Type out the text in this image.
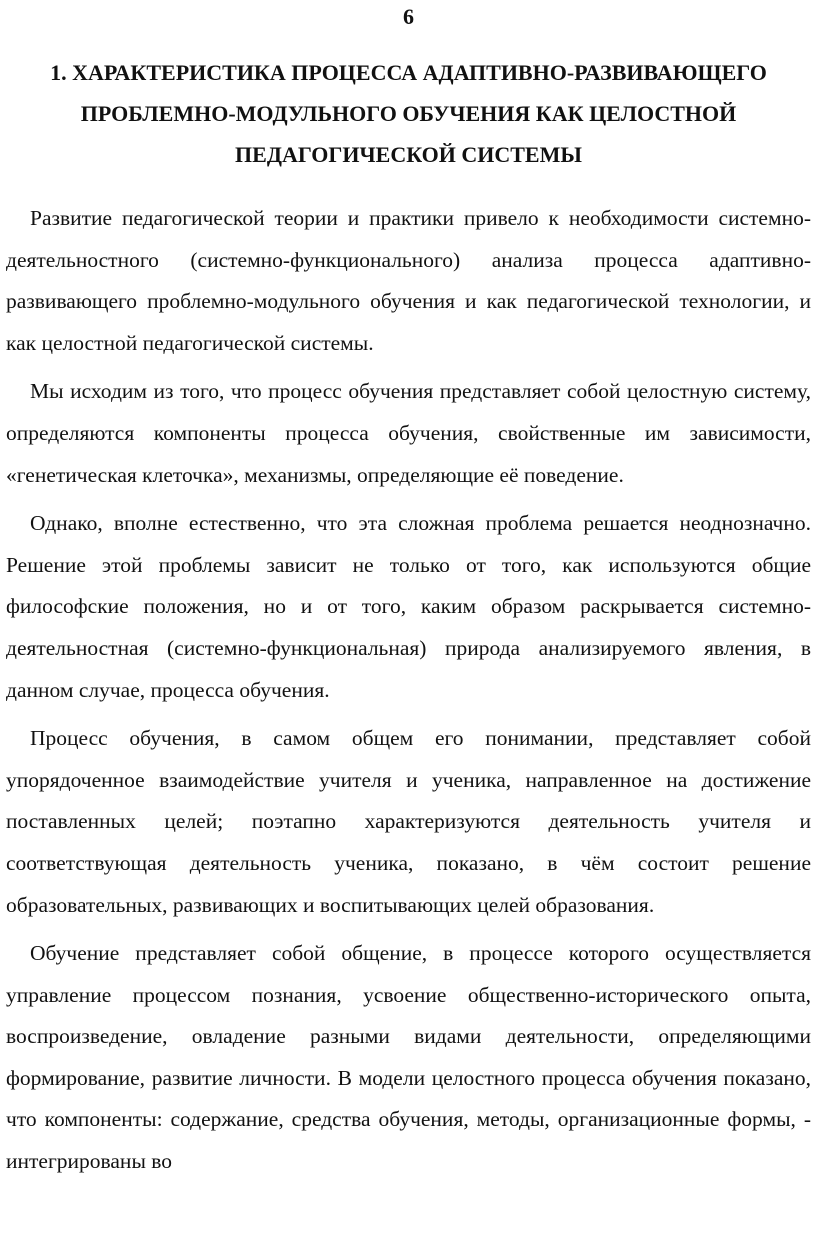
6
1. ХАРАКТЕРИСТИКА ПРОЦЕССА АДАПТИВНО-РАЗВИВАЮЩЕГО
ПРОБЛЕМНО-МОДУЛЬНОГО ОБУЧЕНИЯ КАК ЦЕЛОСТНОЙ
ПЕДАГОГИЧЕСКОЙ СИСТЕМЫ

Развитие педагогической теории и практики привело к необходимости системно-деятельностного (системно-функционального) анализа процесса адаптивно-развивающего проблемно-модульного обучения и как педагогической технологии, и как целостной педагогической системы.

Мы исходим из того, что процесс обучения представляет собой целостную систему, определяются компоненты процесса обучения, свойственные им зависимости, «генетическая клеточка», механизмы, определяющие её поведение.

Однако, вполне естественно, что эта сложная проблема решается неоднозначно. Решение этой проблемы зависит не только от того, как используются общие философские положения, но и от того, каким образом раскрывается системно-деятельностная (системно-функциональная) природа анализируемого явления, в данном случае, процесса обучения.

Процесс обучения, в самом общем его понимании, представляет собой упорядоченное взаимодействие учителя и ученика, направленное на достижение поставленных целей; поэтапно характеризуются деятельность учителя и соответствующая деятельность ученика, показано, в чём состоит решение образовательных, развивающих и воспитывающих целей образования.

Обучение представляет собой общение, в процессе которого осуществляется управление процессом познания, усвоение общественно-исторического опыта, воспроизведение, овладение разными видами деятельности, определяющими формирование, развитие личности. В модели целостного процесса обучения показано, что компоненты: содержание, средства обучения, методы, организационные формы, - интегрированы во
